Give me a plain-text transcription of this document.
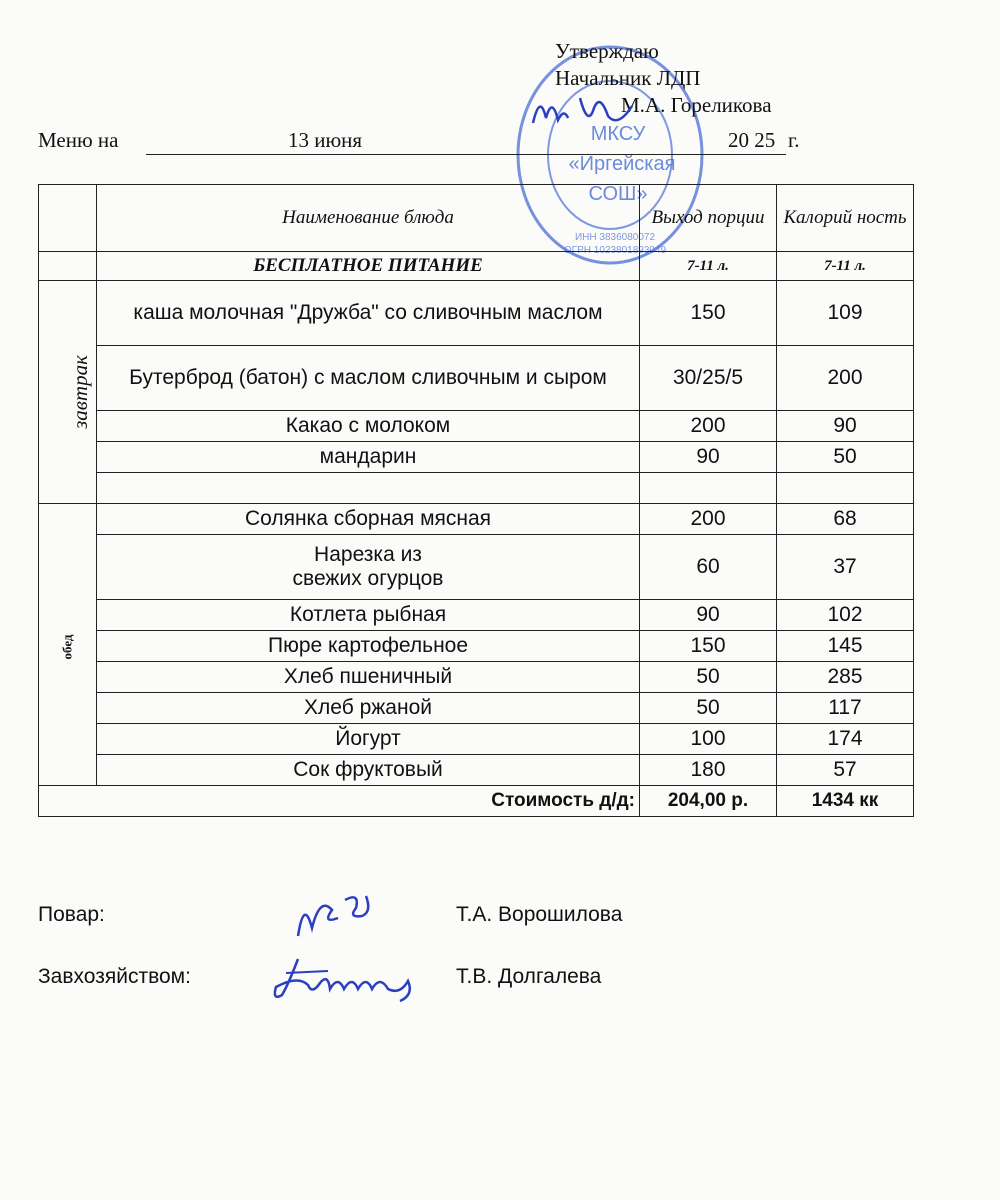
МКСУ
«Иргейская
СОШ»
ИНН 3836080072
ОГРН 1023801893049
Утверждаю
Начальник ЛДП
М.А. Гореликова
Меню на	13 июня	20 25 г.
	Наименование блюда	Выход порции	Калорий ность
	БЕСПЛАТНОЕ ПИТАНИЕ	7-11 л.	7-11 л.
завтрак	каша молочная "Дружба" со сливочным маслом	150	109
	Бутерброд (батон) с маслом сливочным и сыром	30/25/5	200
	Какао с молоком	200	90
	мандарин	90	50

обед	Солянка сборная мясная	200	68
	Нарезка из
свежих огурцов	60	37
	Котлета рыбная	90	102
	Пюре картофельное	150	145
	Хлеб пшеничный	50	285
	Хлеб ржаной	50	117
	Йогурт	100	174
	Сок фруктовый	180	57
Стоимость д/д:		204,00 р.	1434 кк
Повар:	Т.А. Ворошилова
Завхозяйством:	Т.В. Долгалева
